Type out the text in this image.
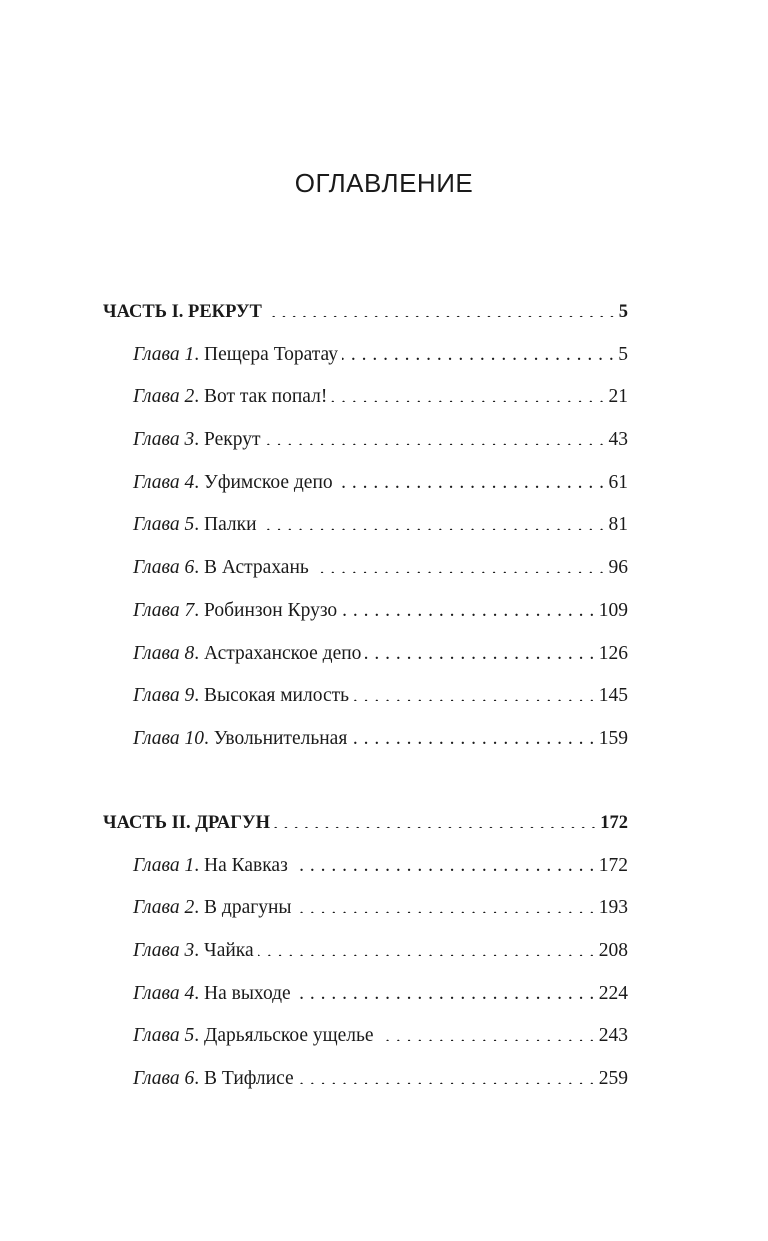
ОГЛАВЛЕНИЕ
ЧАСТЬ I. РЕКРУТ . . .	5
Глава 1. Пещера Торатау . . .	5
Глава 2. Вот так попал! . . .	21
Глава 3. Рекрут . . .	43
Глава 4. Уфимское депо . . .	61
Глава 5. Палки . . .	81
Глава 6. В Астрахань . . .	96
Глава 7. Робинзон Крузо . . .	109
Глава 8. Астраханское депо . . .	126
Глава 9. Высокая милость . . .	145
Глава 10. Увольнительная . . .	159
ЧАСТЬ II. ДРАГУН . . .	172
Глава 1. На Кавказ . . .	172
Глава 2. В драгуны . . .	193
Глава 3. Чайка . . .	208
Глава 4. На выходе . . .	224
Глава 5. Дарьяльское ущелье . . .	243
Глава 6. В Тифлисе . . .	259
